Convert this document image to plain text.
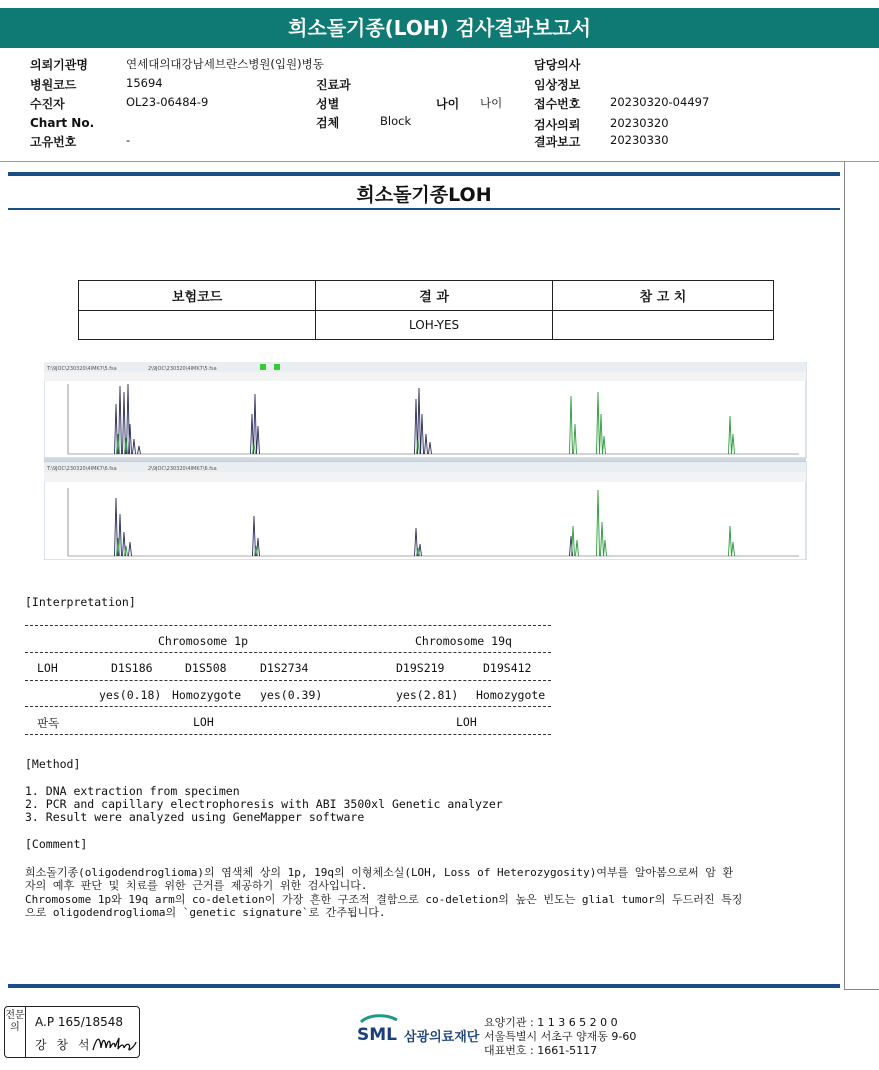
희소돌기종(LOH) 검사결과보고서
의뢰기관명	연세대의대강남세브란스병원(입원)병동
병원코드	15694	진료과
수진자	OL23-06484-9	성별	나이 나이
Chart No.	검체	Block
고유번호	-
담당의사
임상정보
접수번호	20230320-04497
검사의뢰	20230320
결과보고	20230330
희소돌기종LOH
보험코드	결 과	참 고 치
	LOH-YES	
T:\9JOC\230320\4IMK7\5.fsa	2\9JOC\230320\4IMK7\5.fsa
T:\9JOC\230320\4IMK7\6.fsa	2\9JOC\230320\4IMK7\6.fsa
[Interpretation]
Chromosome 1p	Chromosome 19q
LOH	D1S186	D1S508	D1S2734	D19S219	D19S412
yes(0.18) Homozygote yes(0.39)	yes(2.81) Homozygote
판독	LOH	LOH
[Method]
1. DNA extraction from specimen
2. PCR and capillary electrophoresis with ABI 3500xl Genetic analyzer
3. Result were analyzed using GeneMapper software
[Comment]
희소돌기종(oligodendroglioma)의 염색체 상의 1p, 19q의 이형체소실(LOH, Loss of Heterozygosity)여부를 알아봄으로써 암 환
자의 예후 판단 및 치료를 위한 근거를 제공하기 위한 검사입니다.
Chromosome 1p와 19q arm의 co-deletion이 가장 흔한 구조적 결함으로 co-deletion의 높은 빈도는 glial tumor의 두드러진 특징
으로 oligodendroglioma의 `genetic signature`로 간주됩니다.
전문의	A.P 165/18548
강 창 석	SML 삼광의료재단
요양기관 : 1 1 3 6 5 2 0 0
서울특별시 서초구 양재동 9-60
대표번호 : 1661-5117
